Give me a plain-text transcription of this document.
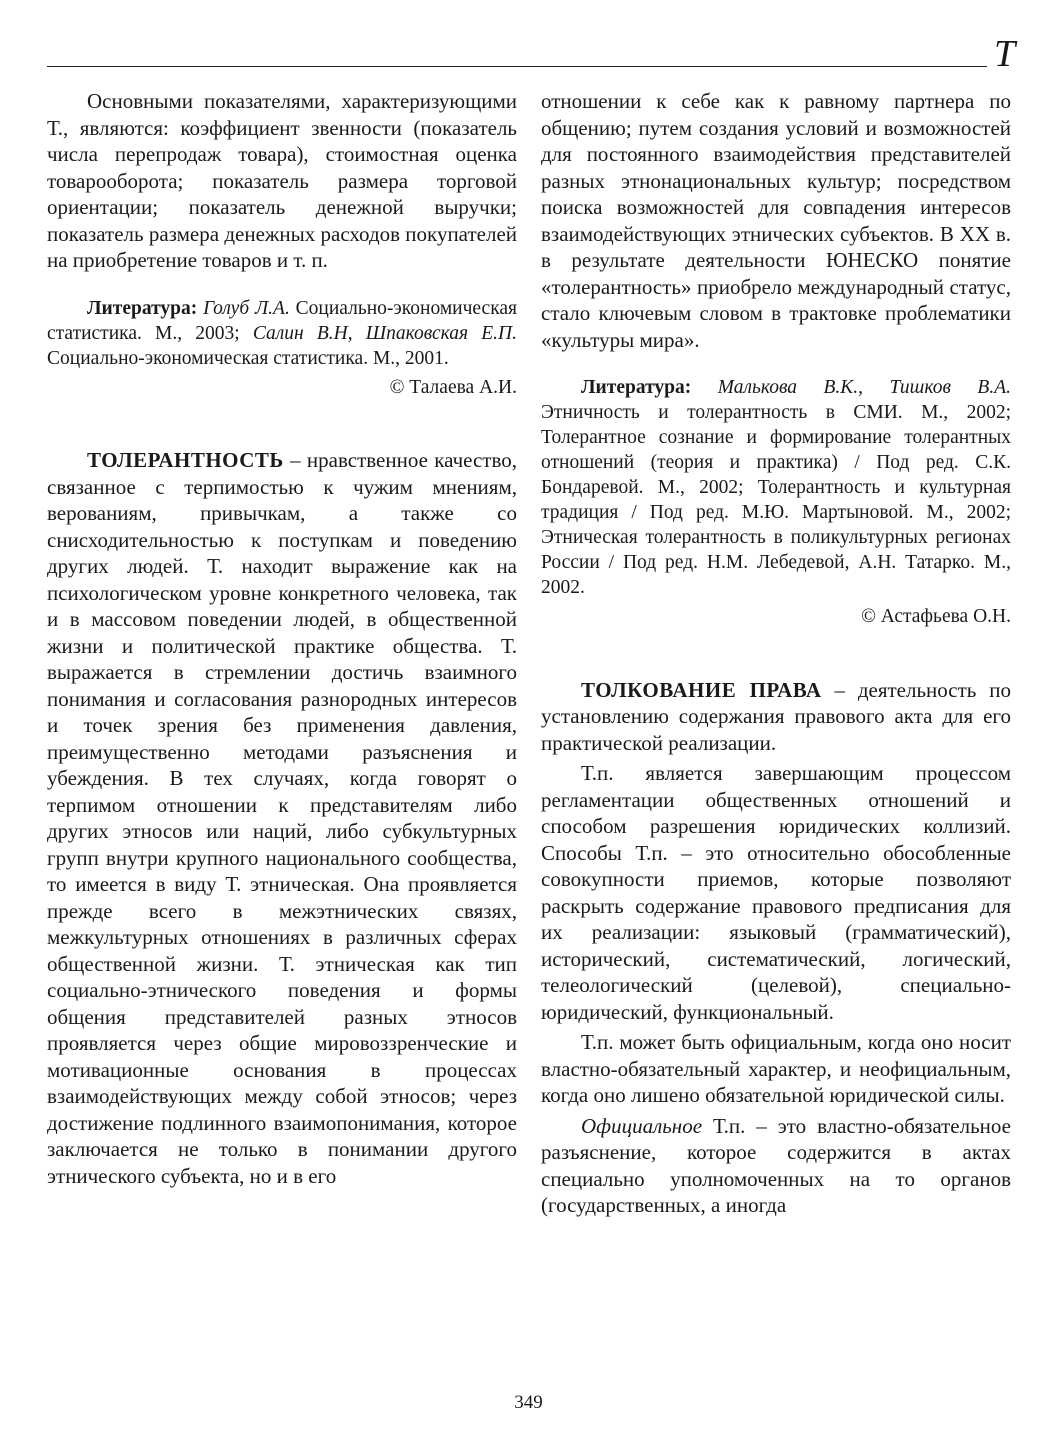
Т

Основными показателями, характеризующими Т., являются: коэффициент звенности (показатель числа перепродаж товара), стоимостная оценка товарооборота; показатель размера торговой ориентации; показатель денежной выручки; показатель размера денежных расходов покупателей на приобретение товаров и т. п.

Литература: Голуб Л.А. Социально-экономическая статистика. М., 2003; Салин В.Н, Шпаковская Е.П. Социально-экономическая статистика. М., 2001.

© Талаева А.И.

ТОЛЕРАНТНОСТЬ – нравственное качество, связанное с терпимостью к чужим мнениям, верованиям, привычкам, а также со снисходительностью к поступкам и поведению других людей. Т. находит выражение как на психологическом уровне конкретного человека, так и в массовом поведении людей, в общественной жизни и политической практике общества. Т. выражается в стремлении достичь взаимного понимания и согласования разнородных интересов и точек зрения без применения давления, преимущественно методами разъяснения и убеждения. В тех случаях, когда говорят о терпимом отношении к представителям либо других этносов или наций, либо субкультурных групп внутри крупного национального сообщества, то имеется в виду Т. этническая. Она проявляется прежде всего в межэтнических связях, межкультурных отношениях в различных сферах общественной жизни. Т. этническая как тип социально-этнического поведения и формы общения представителей разных этносов проявляется через общие мировоззренческие и мотивационные основания в процессах взаимодействующих между собой этносов; через достижение подлинного взаимопонимания, которое заключается не только в понимании другого этнического субъекта, но и в его

отношении к себе как к равному партнера по общению; путем создания условий и возможностей для постоянного взаимодействия представителей разных этнонациональных культур; посредством поиска возможностей для совпадения интересов взаимодействующих этнических субъектов. В XX в. в результате деятельности ЮНЕСКО понятие «толерантность» приобрело международный статус, стало ключевым словом в трактовке проблематики «культуры мира».

Литература: Малькова В.К., Тишков В.А. Этничность и толерантность в СМИ. М., 2002; Толерантное сознание и формирование толерантных отношений (теория и практика) / Под ред. С.К. Бондаревой. М., 2002; Толерантность и культурная традиция / Под ред. М.Ю. Мартыновой. М., 2002; Этническая толерантность в поликультурных регионах России / Под ред. Н.М. Лебедевой, А.Н. Татарко. М., 2002.

© Астафьева О.Н.

ТОЛКОВАНИЕ ПРАВА – деятельность по установлению содержания правового акта для его практической реализации.

Т.п. является завершающим процессом регламентации общественных отношений и способом разрешения юридических коллизий. Способы Т.п. – это относительно обособленные совокупности приемов, которые позволяют раскрыть содержание правового предписания для их реализации: языковый (грамматический), исторический, систематический, логический, телеологический (целевой), специально-юридический, функциональный.

Т.п. может быть официальным, когда оно носит властно-обязательный характер, и неофициальным, когда оно лишено обязательной юридической силы.

Официальное Т.п. – это властно-обязательное разъяснение, которое содержится в актах специально уполномоченных на то органов (государственных, а иногда

349
